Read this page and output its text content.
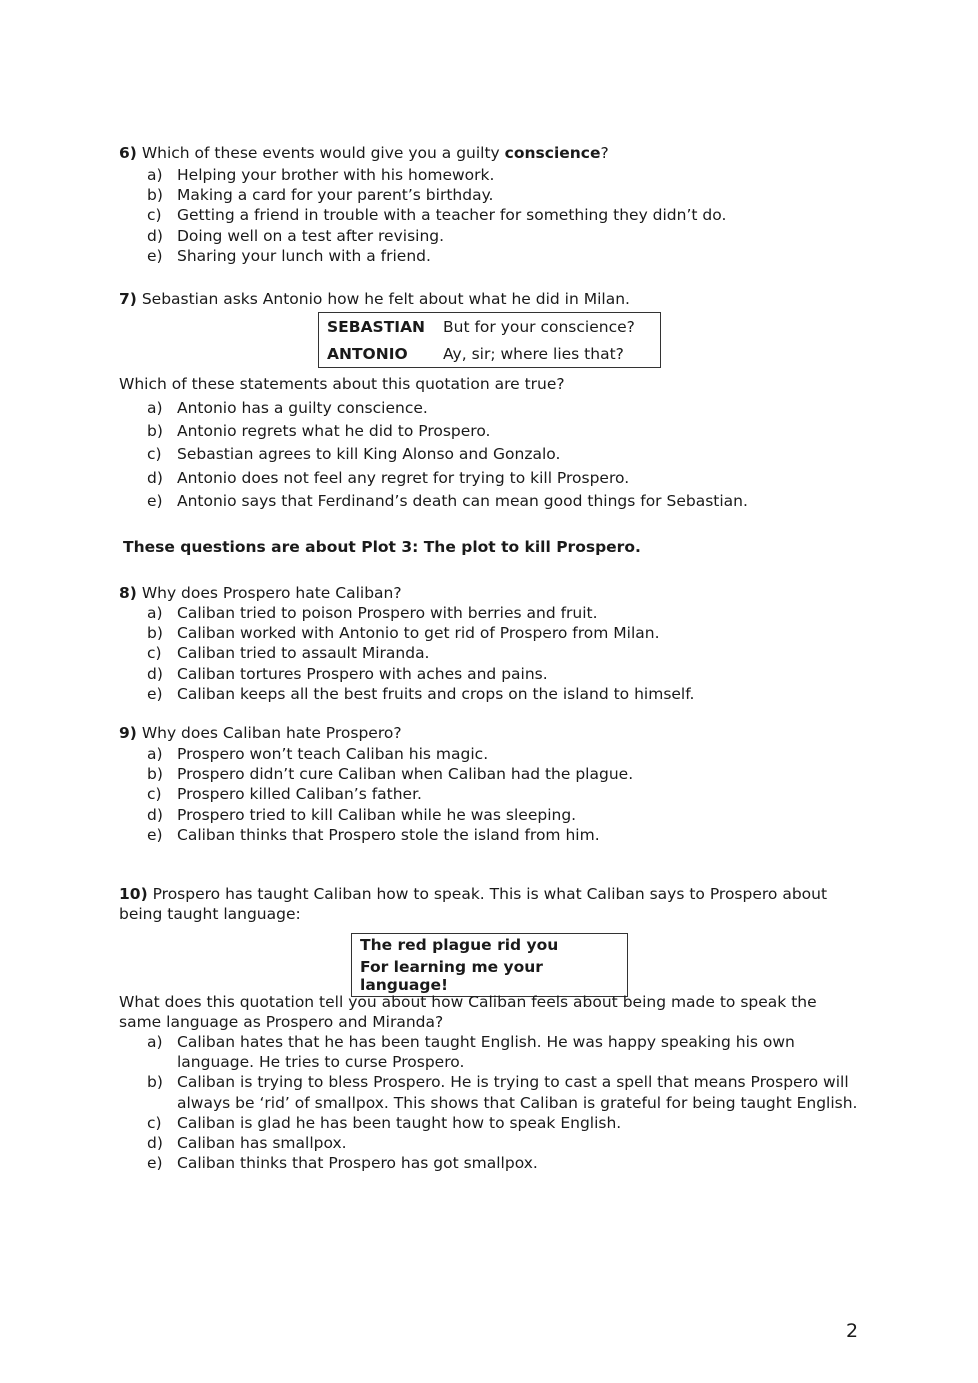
6) Which of these events would give you a guilty conscience?
a) Helping your brother with his homework.
b) Making a card for your parent’s birthday.
c) Getting a friend in trouble with a teacher for something they didn’t do.
d) Doing well on a test after revising.
e) Sharing your lunch with a friend.
7) Sebastian asks Antonio how he felt about what he did in Milan.
SEBASTIAN	But for your conscience?
ANTONIO	Ay, sir; where lies that?
Which of these statements about this quotation are true?
a) Antonio has a guilty conscience.
b) Antonio regrets what he did to Prospero.
c) Sebastian agrees to kill King Alonso and Gonzalo.
d) Antonio does not feel any regret for trying to kill Prospero.
e) Antonio says that Ferdinand’s death can mean good things for Sebastian.
These questions are about Plot 3: The plot to kill Prospero.
8) Why does Prospero hate Caliban?
a) Caliban tried to poison Prospero with berries and fruit.
b) Caliban worked with Antonio to get rid of Prospero from Milan.
c) Caliban tried to assault Miranda.
d) Caliban tortures Prospero with aches and pains.
e) Caliban keeps all the best fruits and crops on the island to himself.
9) Why does Caliban hate Prospero?
a) Prospero won’t teach Caliban his magic.
b) Prospero didn’t cure Caliban when Caliban had the plague.
c) Prospero killed Caliban’s father.
d) Prospero tried to kill Caliban while he was sleeping.
e) Caliban thinks that Prospero stole the island from him.
10) Prospero has taught Caliban how to speak. This is what Caliban says to Prospero about being taught language:
The red plague rid you
For learning me your language!
What does this quotation tell you about how Caliban feels about being made to speak the same language as Prospero and Miranda?
a) Caliban hates that he has been taught English. He was happy speaking his own language. He tries to curse Prospero.
b) Caliban is trying to bless Prospero. He is trying to cast a spell that means Prospero will always be ‘rid’ of smallpox. This shows that Caliban is grateful for being taught English.
c) Caliban is glad he has been taught how to speak English.
d) Caliban has smallpox.
e) Caliban thinks that Prospero has got smallpox.
2
